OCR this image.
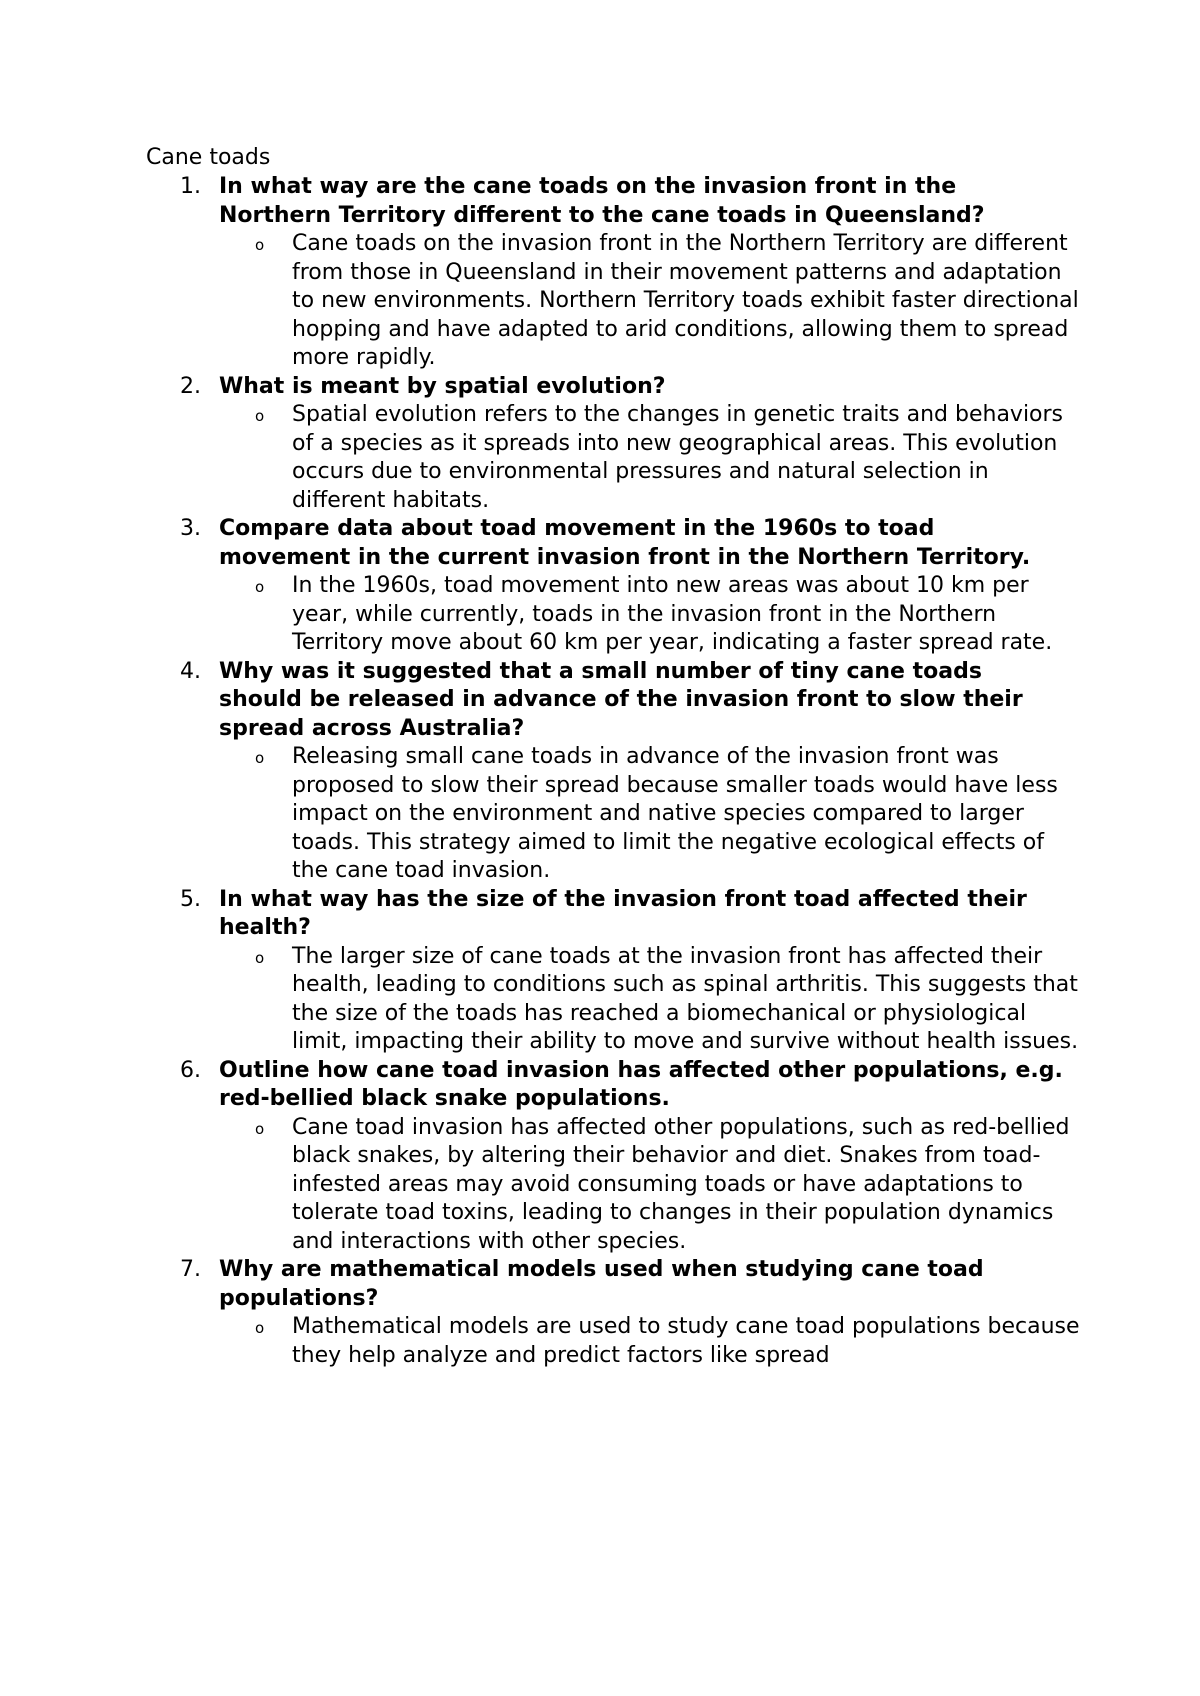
Cane toads
1. In what way are the cane toads on the invasion front in the Northern Territory different to the cane toads in Queensland?

o Cane toads on the invasion front in the Northern Territory are different from those in Queensland in their movement patterns and adaptation to new environments. Northern Territory toads exhibit faster directional hopping and have adapted to arid conditions, allowing them to spread more rapidly.

2. What is meant by spatial evolution?

o Spatial evolution refers to the changes in genetic traits and behaviors of a species as it spreads into new geographical areas. This evolution occurs due to environmental pressures and natural selection in different habitats.

3. Compare data about toad movement in the 1960s to toad movement in the current invasion front in the Northern Territory.

o In the 1960s, toad movement into new areas was about 10 km per year, while currently, toads in the invasion front in the Northern Territory move about 60 km per year, indicating a faster spread rate.

4. Why was it suggested that a small number of tiny cane toads should be released in advance of the invasion front to slow their spread across Australia?

o Releasing small cane toads in advance of the invasion front was proposed to slow their spread because smaller toads would have less impact on the environment and native species compared to larger toads. This strategy aimed to limit the negative ecological effects of the cane toad invasion.

5. In what way has the size of the invasion front toad affected their health?

o The larger size of cane toads at the invasion front has affected their health, leading to conditions such as spinal arthritis. This suggests that the size of the toads has reached a biomechanical or physiological limit, impacting their ability to move and survive without health issues.

6. Outline how cane toad invasion has affected other populations, e.g. red-bellied black snake populations.

o Cane toad invasion has affected other populations, such as red-bellied black snakes, by altering their behavior and diet. Snakes from toad-infested areas may avoid consuming toads or have adaptations to tolerate toad toxins, leading to changes in their population dynamics and interactions with other species.

7. Why are mathematical models used when studying cane toad populations?

o Mathematical models are used to study cane toad populations because they help analyze and predict factors like spread
